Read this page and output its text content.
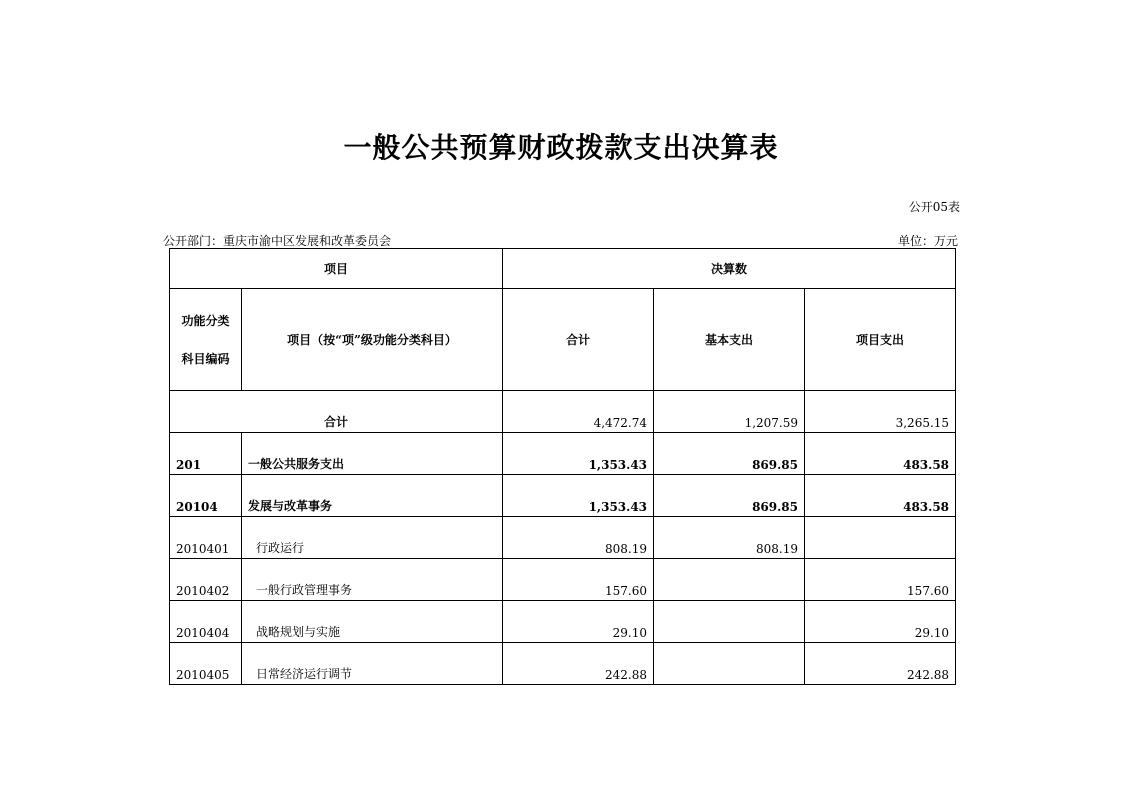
一般公共预算财政拨款支出决算表
公开05表
公开部门：重庆市渝中区发展和改革委员会	单位：万元
项目		决算数		

功能分类
科目编码	项目（按“项”级功能分类科目）	合计	基本支出	项目支出
合计		4,472.74	1,207.59	3,265.15
201	一般公共服务支出	1,353.43	869.85	483.58
20104	发展与改革事务	1,353.43	869.85	483.58
2010401	行政运行	808.19	808.19	
2010402	一般行政管理事务	157.60		157.60
2010404	战略规划与实施	29.10		29.10
2010405	日常经济运行调节	242.88		242.88
